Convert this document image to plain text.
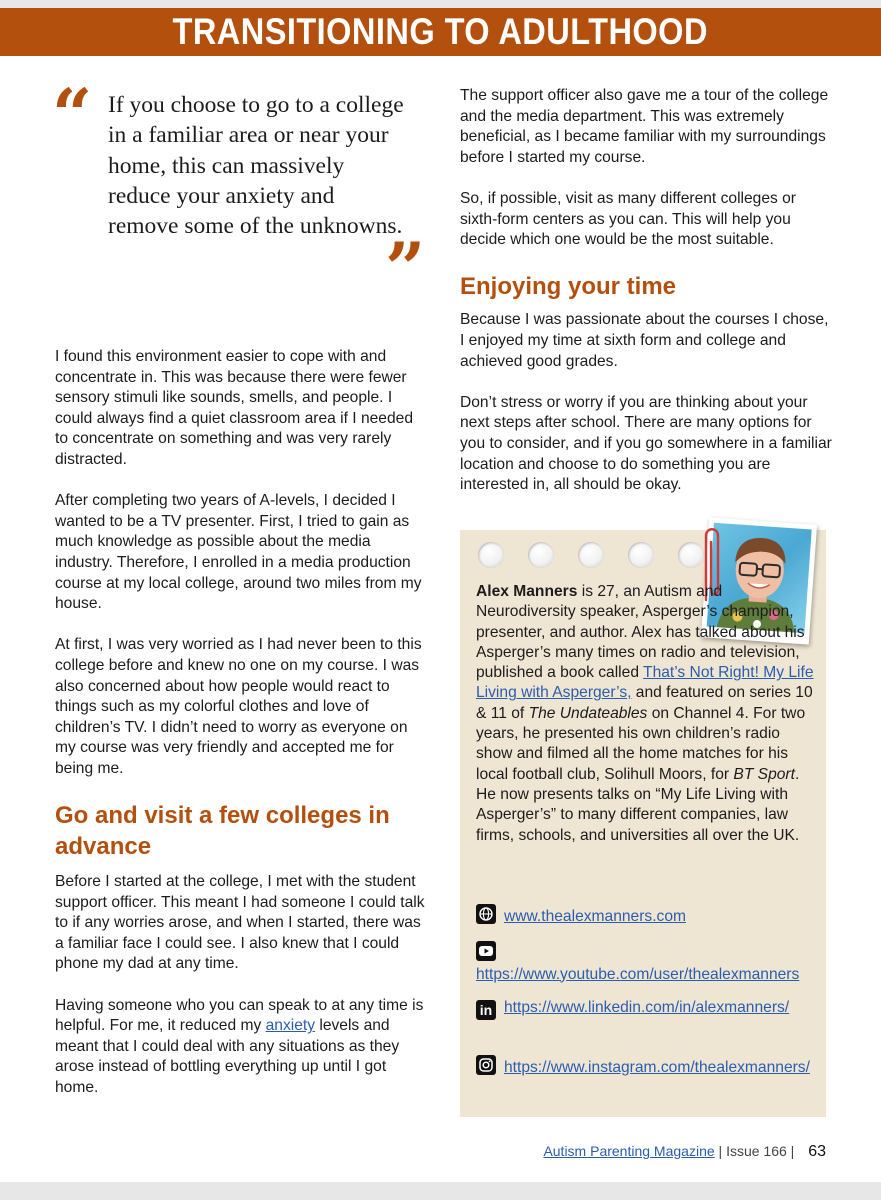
TRANSITIONING TO ADULTHOOD
“ If you choose to go to a college in a familiar area or near your home, this can massively reduce your anxiety and remove some of the unknowns.
”

I found this environment easier to cope with and concentrate in. This was because there were fewer sensory stimuli like sounds, smells, and people. I could always find a quiet classroom area if I needed to concentrate on something and was very rarely distracted.

After completing two years of A-levels, I decided I wanted to be a TV presenter. First, I tried to gain as much knowledge as possible about the media industry. Therefore, I enrolled in a media production course at my local college, around two miles from my house.

At first, I was very worried as I had never been to this college before and knew no one on my course. I was also concerned about how people would react to things such as my colorful clothes and love of children’s TV. I didn’t need to worry as everyone on my course was very friendly and accepted me for being me.

Go and visit a few colleges in advance

Before I started at the college, I met with the student support officer. This meant I had someone I could talk to if any worries arose, and when I started, there was a familiar face I could see. I also knew that I could phone my dad at any time.

Having someone who you can speak to at any time is helpful. For me, it reduced my anxiety levels and meant that I could deal with any situations as they arose instead of bottling everything up until I got home.

The support officer also gave me a tour of the college and the media department. This was extremely beneficial, as I became familiar with my surroundings before I started my course.

So, if possible, visit as many different colleges or sixth-form centers as you can. This will help you decide which one would be the most suitable.

Enjoying your time

Because I was passionate about the courses I chose, I enjoyed my time at sixth form and college and achieved good grades.

Don’t stress or worry if you are thinking about your next steps after school. There are many options for you to consider, and if you go somewhere in a familiar location and choose to do something you are interested in, all should be okay.

Alex Manners is 27, an Autism and Neurodiversity speaker, Asperger’s champion, presenter, and author. Alex has talked about his Asperger’s many times on radio and television, published a book called That’s Not Right! My Life Living with Asperger’s, and featured on series 10 & 11 of The Undateables on Channel 4. For two years, he presented his own children’s radio show and filmed all the home matches for his local football club, Solihull Moors, for BT Sport. He now presents talks on “My Life Living with Asperger’s” to many different companies, law firms, schools, and universities all over the UK.
www.thealexmanners.com
https://www.youtube.com/user/thealexmanners
in https://www.linkedin.com/in/alexmanners/
https://www.instagram.com/thealexmanners/
Autism Parenting Magazine | Issue 166 | 63
